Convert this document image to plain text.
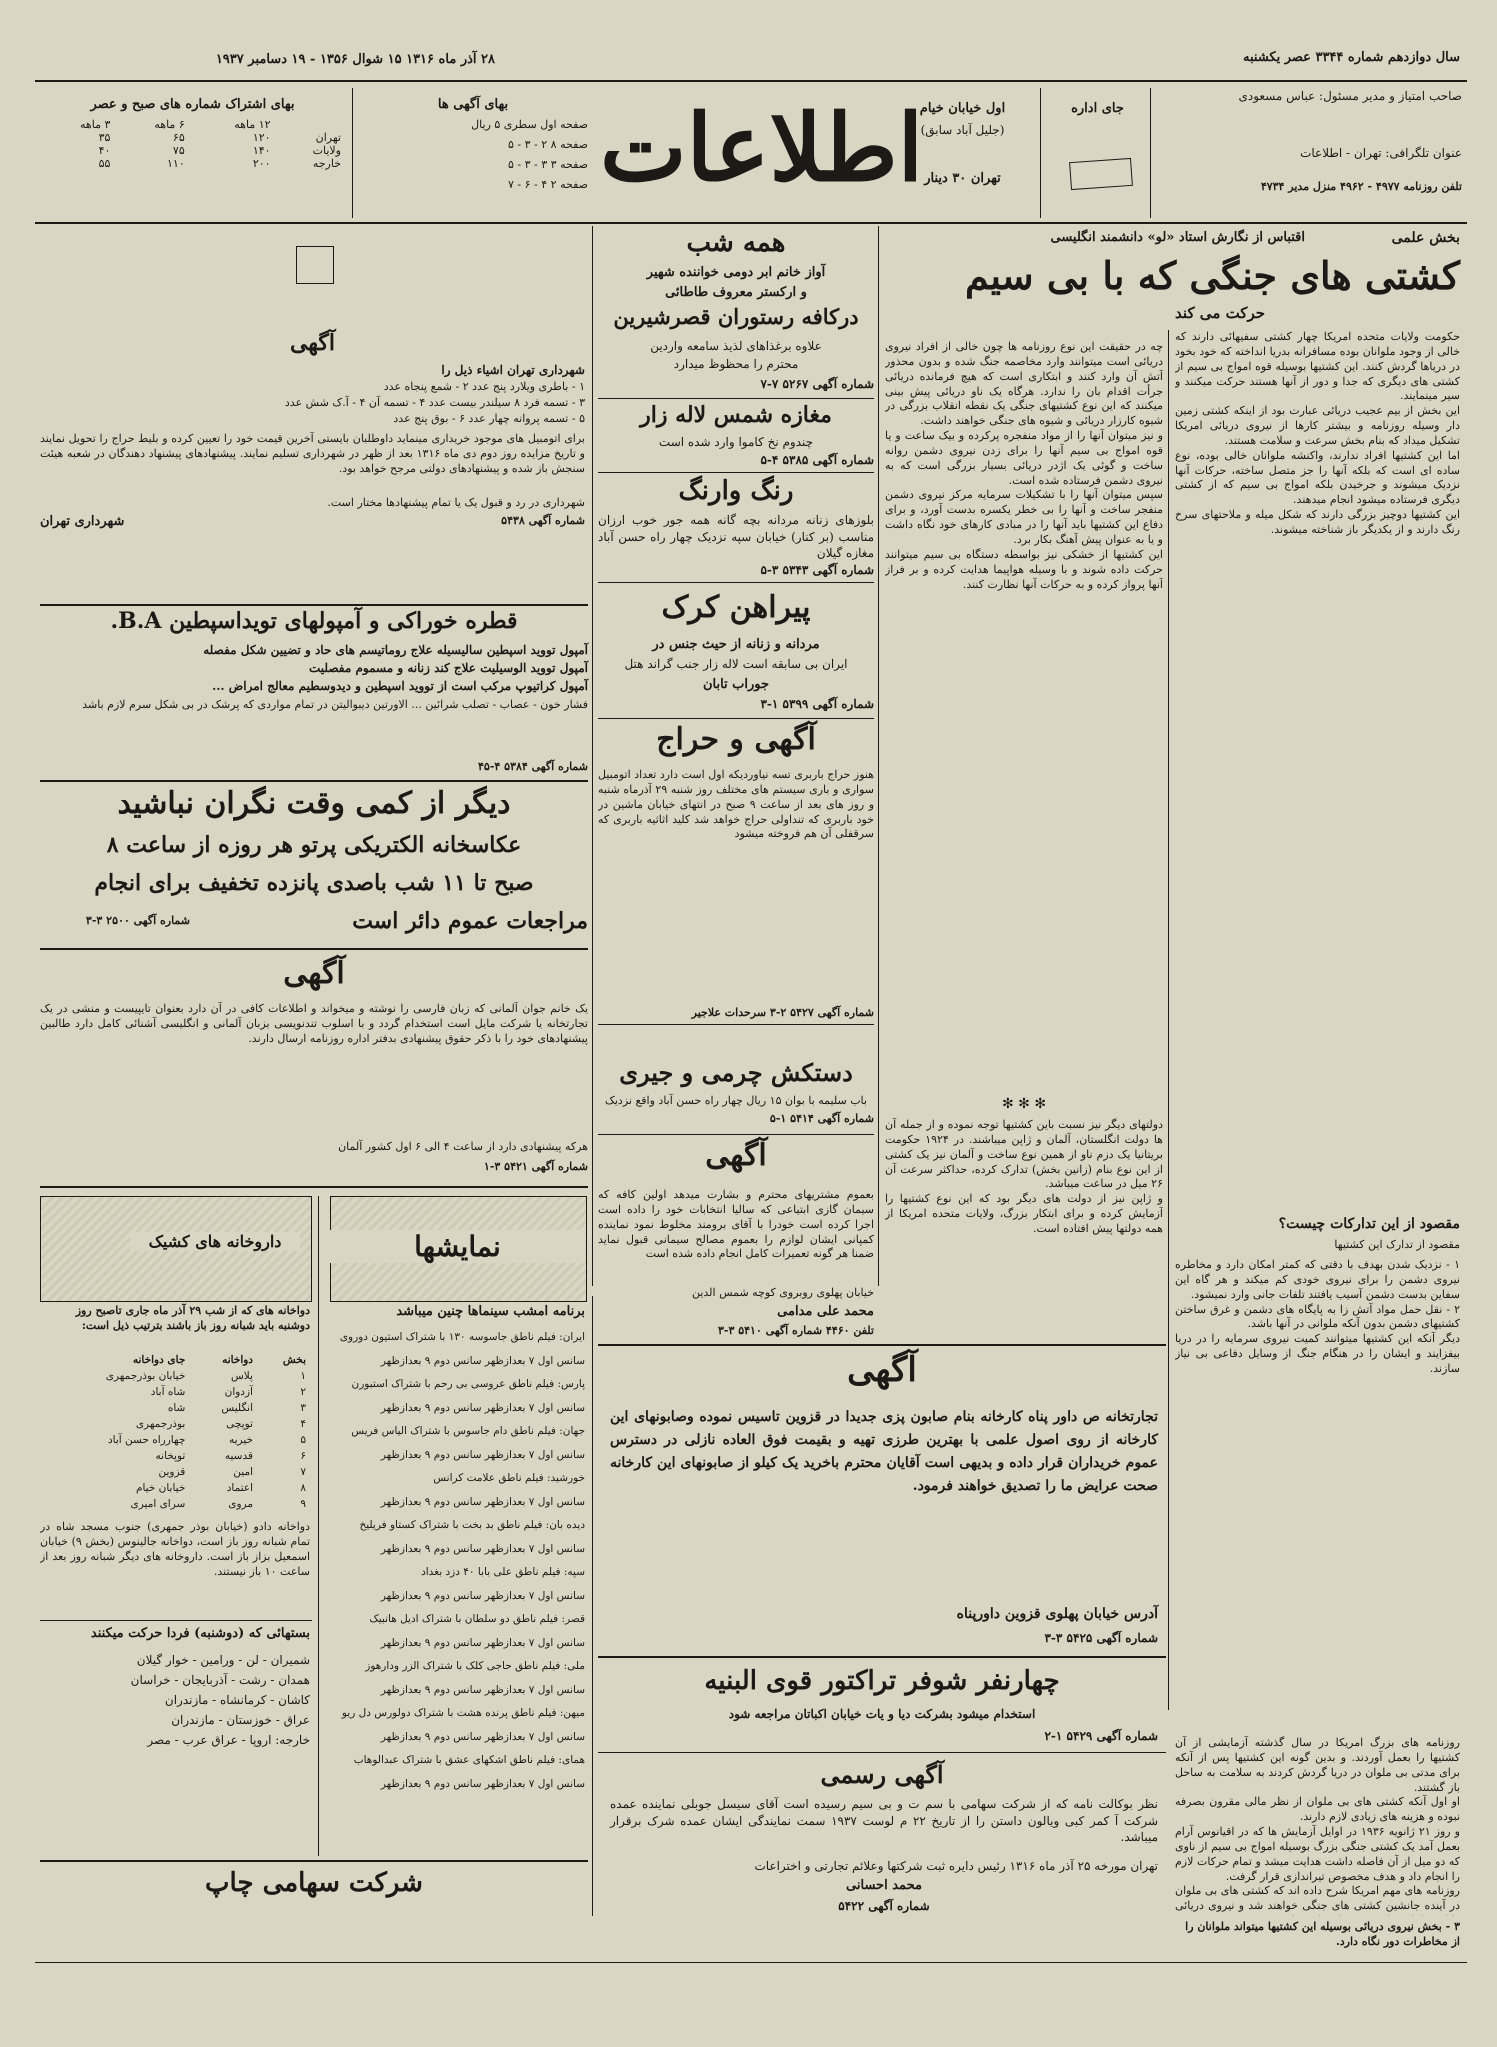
سال دوازدهم شماره ۳۳۴۴ عصر یکشنبه
۲۸ آذر ماه ۱۳۱۶ ۱۵ شوال ۱۳۵۶ - ۱۹ دسامبر ۱۹۳۷
صاحب امتیاز و مدیر مسئول: عباس مسعودی
عنوان تلگرافی: تهران - اطلاعات
تلفن روزنامه ۴۹۷۷ - ۴۹۶۲ منزل مدیر ۴۷۳۴
جای اداره
اول خیابان خیام
(جلیل آباد سابق)
تهران ۳۰ دینار
اطلاعات
بهای آگهی ها
صفحه اول سطری ۵ ریال
صفحه ۸ ۲ - ۳ - ۵
صفحه ۳ ۳ - ۳ - ۵
صفحه ۲ ۴ - ۶ - ۷
بهای اشتراک شماره های صبح و عصر
	۱۲ ماهه	۶ ماهه	۳ ماهه
تهران	۱۲۰	۶۵	۳۵
ولایات	۱۴۰	۷۵	۴۰
خارجه	۲۰۰	۱۱۰	۵۵
بخش علمی
اقتباس از نگارش استاد «لو» دانشمند انگلیسی
کشتی های جنگی که با بی سیم
حرکت می کند
حکومت ولایات متحده امریکا چهار کشتی سفیهائی دارند که خالی از وجود ملوانان بوده مسافرانه بدریا انداخته که خود بخود در دریاها گردش کنند. این کشتیها بوسیله قوه امواج بی سیم از کشتی های دیگری که جدا و دور از آنها هستند حرکت میکنند و سیر مینمایند.
این بخش از بیم عجیب دریائی عبارت بود از اینکه کشتی زمین دار وسیله روزنامه و بیشتر کارها از نیروی دریائی امریکا تشکیل میداد که بنام بخش سرعت و سلامت هستند.
اما این کشتیها افراد ندارند، واکنشه ملوانان خالی بوده، نوع ساده ای است که بلکه آنها را جز متصل ساخته، حرکات آنها نزدیک میشوند و جرخیدن بلکه امواج بی سیم که از کشتی دیگری فرستاده میشود انجام میدهند.
این کشتیها دوچیز بزرگی دارند که شکل میله و ملاحتهای سرخ رنگ دارند و از یکدیگر باز شناخته میشوند.
چه در حقیقت این نوع روزنامه ها چون خالی از افراد نیروی دریائی است میتوانند وارد مخاصمه جنگ شده و بدون محذور آتش آن وارد کنند و ابتکاری است که هیچ فرمانده دریائی جرأت اقدام بان را ندارد. هرگاه یک ناو دریائی پیش بینی میکنند که این نوع کشتیهای جنگی یک نقطه انقلاب بزرگی در شیوه کارزار دریائی و شیوه های جنگی خواهند داشت.
و نیز میتوان آنها را از مواد منفجره پرکرده و بیک ساعت و یا قوه امواج بی سیم آنها را برای زدن نیروی دشمن روانه ساخت و گوئی یک اژدر دریائی بسیار بزرگی است که به نیروی دشمن فرستاده شده است.
سپس میتوان آنها را با تشکیلات سرمایه مرکز نیروی دشمن منفجر ساخت و آنها را بی خطر یکسره بدست آورد، و برای دفاع این کشتیها باید آنها را در مبادی کارهای خود نگاه داشت و یا به عنوان پیش آهنگ بکار برد.
این کشتیها از خشکی نیز بواسطه دستگاه بی سیم میتوانند حرکت داده شوند و با وسیله هواپیما هدایت کرده و بر فراز آنها پرواز کرده و به حرکات آنها نظارت کنند.
✻ ✻ ✻
دولتهای دیگر نیز نسبت باین کشتیها توجه نموده و از جمله آن ها دولت انگلستان، آلمان و ژاپن میباشند. در ۱۹۲۴ حکومت بریتانیا یک دزم ناو از همین نوع ساخت و آلمان نیز یک کشتی از این نوع بنام (زانین بخش) تدارک کرده، حداکثر سرعت آن ۲۶ میل در ساعت میباشد.
و ژاپن نیز از دولت های دیگر بود که این نوع کشتیها را آزمایش کرده و برای ابتکار بزرگ، ولایات متحده امریکا از همه دولتها پیش افتاده است.	مقصود از این تدارکات چیست؟
مقصود از تدارک این کشتیها
۱ - نزدیک شدن بهدف با دقتی که کمتر امکان دارد و مخاطره نیروی دشمن را برای نیروی خودی کم میکند و هر گاه این سفاین بدست دشمن آسیب یافتند تلفات جانی وارد نمیشود.
۲ - نقل حمل مواد آتش زا به پایگاه های دشمن و غرق ساختن کشتیهای دشمن بدون آنکه ملوانی در آنها باشد.
دیگر آنکه این کشتیها میتوانند کمیت نیروی سرمایه را در دریا بیفزایند و ایشان را در هنگام جنگ از وسایل دفاعی بی نیاز سازند.
همه شب
آواز خانم ابر دومی خواننده شهیر
و ارکستر معروف طاطائی
درکافه رستوران قصرشیرین
علاوه برغذاهای لذیذ سامعه واردین
محترم را محظوظ میدارد
شماره آگهی ۵۲۶۷ ۷-۷
مغازه شمس لاله زار
چندوم نخ کاموا وارد شده است
شماره آگهی ۵۳۸۵ ۴-۵
رنگ وارنگ
بلوزهای زنانه مردانه بچه گانه همه جور خوب ارزان مناسب (بر کنار) خیابان سپه نزدیک چهار راه حسن آباد مغازه گیلان
شماره آگهی ۵۳۴۳ ۳-۵
پیراهن کرک
مردانه و زنانه از حیث جنس در
ایران بی سابقه است لاله زار جنب گراند هتل
جوراب تابان
شماره آگهی ۵۳۹۹ ۱-۳
آگهی و حراج
هنوز حراج باربری تسه نیاوردیکه اول است دارد تعداد اتومبیل سواری و باری سیستم های مختلف روز شنبه ۲۹ آذرماه شنبه و روز های بعد از ساعت ۹ صبح در انتهای خیابان ماشین در خود باربری که تنداولی حراج خواهد شد کلید اثاثیه باربری که سرقفلی آن هم فروخته میشود
شماره آگهی ۵۴۲۷ ۲-۳ سرحدات علاجیر
دستکش چرمی و جیری
باب سلیمه با بوان ۱۵ ریال چهار راه حسن آباد واقع نزدیک
شماره آگهی ۵۴۱۴ ۱-۵
آگهی
بعموم مشتریهای محترم و بشارت میدهد اولین کافه که سیمان گازی ابتیاعی که سالیا انتخابات خود را داده است اجرا کرده است خودرا با آقای برومند مخلوط نمود نماینده کمپانی ایشان لوازم را بعموم مصالح سیمانی قبول نماید ضمنا هر گونه تعمیرات کامل انجام داده شده است
خیابان پهلوی روبروی کوچه شمس الدین
محمد علی مدامی
تلفن ۴۴۶۰ شماره آگهی ۵۴۱۰ ۳-۳
آگهی
شهرداری تهران اشیاء ذیل را
۱ - باطری ویلارد پنج عدد ۲ - شمع پنجاه عدد
۳ - تسمه فرد ۸ سیلندر بیست عدد ۴ - تسمه آن ۴ - آ.ک شش عدد
۵ - تسمه پروانه چهار عدد ۶ - بوق پنج عدد
برای اتومبیل های موجود خریداری مینماید داوطلبان بایستی آخرین قیمت خود را تعیین کرده و بلیط حراج را تحویل نمایند و تاریخ مزایده روز دوم دی ماه ۱۳۱۶ بعد از ظهر در شهرداری تسلیم نمایند. پیشنهادهای پیشنهاد دهندگان در شعبه هیئت سنجش باز شده و پیشنهادهای دولتی مرجح خواهد بود.
شهرداری در رد و قبول یک یا تمام پیشنهادها مختار است.
شماره آگهی ۵۴۳۸
شهرداری تهران
قطره خوراکی و آمپولهای تویداسپطین B.A.
آمپول تووید اسپطین سالیسیله علاج روماتیسم های حاد و تضیین شکل مفصله
آمپول تووید الوسیلیت علاج کند زنانه و مسموم مفصلیت
آمپول کراتیوپ مرکب است از تووید اسپطین و دیدوسطیم معالج امراض ...
فشار خون - عصاب - تصلب شرائین ... الاورتین دیبوالیتن در تمام مواردی که پرشک در بی شکل سرم لازم باشد
شماره آگهی ۵۳۸۴ ۴-۴۵
دیگر از کمی وقت نگران نباشید
عکاسخانه الکتریکی پرتو هر روزه از ساعت ۸
صبح تا ۱۱ شب باصدی پانزده تخفیف برای انجام
مراجعات عموم دائر است
شماره آگهی ۲۵۰۰ ۳-۳
آگهی
یک خانم جوان آلمانی که زبان فارسی را نوشته و میخواند و اطلاعات کافی در آن دارد بعنوان تایپیست و منشی در یک تجارتخانه یا شرکت مایل است استخدام گردد و با اسلوب تندنویسی بزبان آلمانی و انگلیسی آشنائی کامل دارد طالبین پیشنهادهای خود را با ذکر حقوق پیشنهادی بدفتر اداره روزنامه ارسال دارند.
هرکه پیشنهادی دارد از ساعت ۴ الی ۶ اول کشور آلمان
شماره آگهی ۵۴۲۱ ۳-۱
نمایشها
داروخانه های کشیک
برنامه امشب سینماها چنین میباشد
ایران: فیلم ناطق جاسوسه ۱۳۰ با شتراک استیون دوروی
سانس اول ۷ بعدازظهر سانس دوم ۹ بعدازظهر
پارس: فیلم ناطق عروسی بی رحم با شتراک استبورن
سانس اول ۷ بعدازظهر سانس دوم ۹ بعدازظهر
جهان: فیلم ناطق دام جاسوس با شتراک الیاس فریس
سانس اول ۷ بعدازظهر سانس دوم ۹ بعدازظهر
خورشید: فیلم ناطق علامت کرانس
سانس اول ۷ بعدازظهر سانس دوم ۹ بعدازظهر
دیده بان: فیلم ناطق بد بخت با شتراک کستاو فریلیخ
سانس اول ۷ بعدازظهر سانس دوم ۹ بعدازظهر
سپه: فیلم ناطق علی بابا ۴۰ دزد بغداد
سانس اول ۷ بعدازظهر سانس دوم ۹ بعدازظهر
قصر: فیلم ناطق دو سلطان با شتراک ادیل هانبیک
سانس اول ۷ بعدازظهر سانس دوم ۹ بعدازظهر
ملی: فیلم ناطق حاجی کلک با شتراک الزر ودارهوز
سانس اول ۷ بعدازظهر سانس دوم ۹ بعدازظهر
میهن: فیلم ناطق پرنده هشت با شتراک دولورس دل ریو
سانس اول ۷ بعدازظهر سانس دوم ۹ بعدازظهر
همای: فیلم ناطق اشکهای عشق با شتراک عبدالوهاب
سانس اول ۷ بعدازظهر سانس دوم ۹ بعدازظهر
دواخانه های که از شب ۲۹ آذر ماه جاری تاصبح روز دوشنبه باید شبانه روز باز باشند بترتیب ذیل است:
بخش	دواخانه	جای دواخانه
۱	پلاس	خیابان بوذرجمهری
۲	آزدوان	شاه آباد
۳	انگلیس	شاه
۴	توپچی	بوذرجمهری
۵	خیریه	چهارراه حسن آباد
۶	قدسیه	توپخانه
۷	امین	قزوین
۸	اعتماد	خیابان خیام
۹	مروی	سرای امیری
دواخانه دادو (خیابان بوذر جمهری) جنوب مسجد شاه در تمام شبانه روز باز است، دواخانه جالینوس (بخش ۹) خیابان اسمعیل بزاز باز است. داروخانه های دیگر شبانه روز بعد از ساعت ۱۰ باز نیستند.
بستهائی که (دوشنبه) فردا حرکت میکنند
شمیران - لن - ورامین - خوار گیلان
همدان - رشت - آذربایجان - خراسان
کاشان - کرمانشاه - مازندران
عراق - خوزستان - مازندران
خارجه: اروپا - عراق عرب - مصر
شرکت سهامی چاپ
آگهی
تجارتخانه ص داور پناه کارخانه بنام صابون پزی جدیدا در قزوین تاسیس نموده وصابونهای این کارخانه از روی اصول علمی با بهترین طرزی تهیه و بقیمت فوق العاده نازلی در دسترس عموم خریداران قرار داده و بدیهی است آقایان محترم باخرید یک کیلو از صابونهای این کارخانه صحت عرایض ما را تصدیق خواهند فرمود.
آدرس خیابان پهلوی قزوین داورپناه
شماره آگهی ۵۴۲۵ ۳-۳
چهارنفر شوفر تراکتور قوی البنیه
استخدام میشود بشرکت دیا و یات خیابان اکباتان مراجعه شود
شماره آگهی ۵۴۲۹ ۱-۲
آگهی رسمی
نظر بوکالت نامه که از شرکت سهامی با سم ت و بی سیم رسیده است آقای سیسل جوبلی نماینده عمده شرکت آ کمر کبی ویالون داستن را از تاریخ ۲۲ م لوست ۱۹۳۷ سمت نمایندگی ایشان عمده شرک برقرار میباشد.
تهران مورخه ۲۵ آذر ماه ۱۳۱۶ رئیس دایره ثبت شرکتها وعلائم تجارتی و اختراعات
محمد احسانی
شماره آگهی ۵۴۲۲
روزنامه های بزرگ امریکا در سال گذشته آزمایشی از آن کشتیها را بعمل آوردند. و بدین گونه این کشتیها پس از آنکه برای مدتی بی ملوان در دریا گردش کردند به سلامت به ساحل باز گشتند.
او اول آنکه کشتی های بی ملوان از نظر مالی مقرون بصرفه نبوده و هزینه های زیادی لازم دارند.
و روز ۲۱ ژانویه ۱۹۳۶ در اوایل آزمایش ها که در اقیانوس آرام بعمل آمد یک کشتی جنگی بزرگ بوسیله امواج بی سیم از ناوی که دو میل از آن فاصله داشت هدایت میشد و تمام حرکات لازم را انجام داد و هدف مخصوص تیراندازی قرار گرفت.
روزنامه های مهم امریکا شرح داده اند که کشتی های بی ملوان در آینده جانشین کشتی های جنگی خواهند شد و نیروی دریائی

۳ - بخش نیروی دریائی بوسیله این کشتیها میتواند ملوانان را از مخاطرات دور نگاه دارد.
